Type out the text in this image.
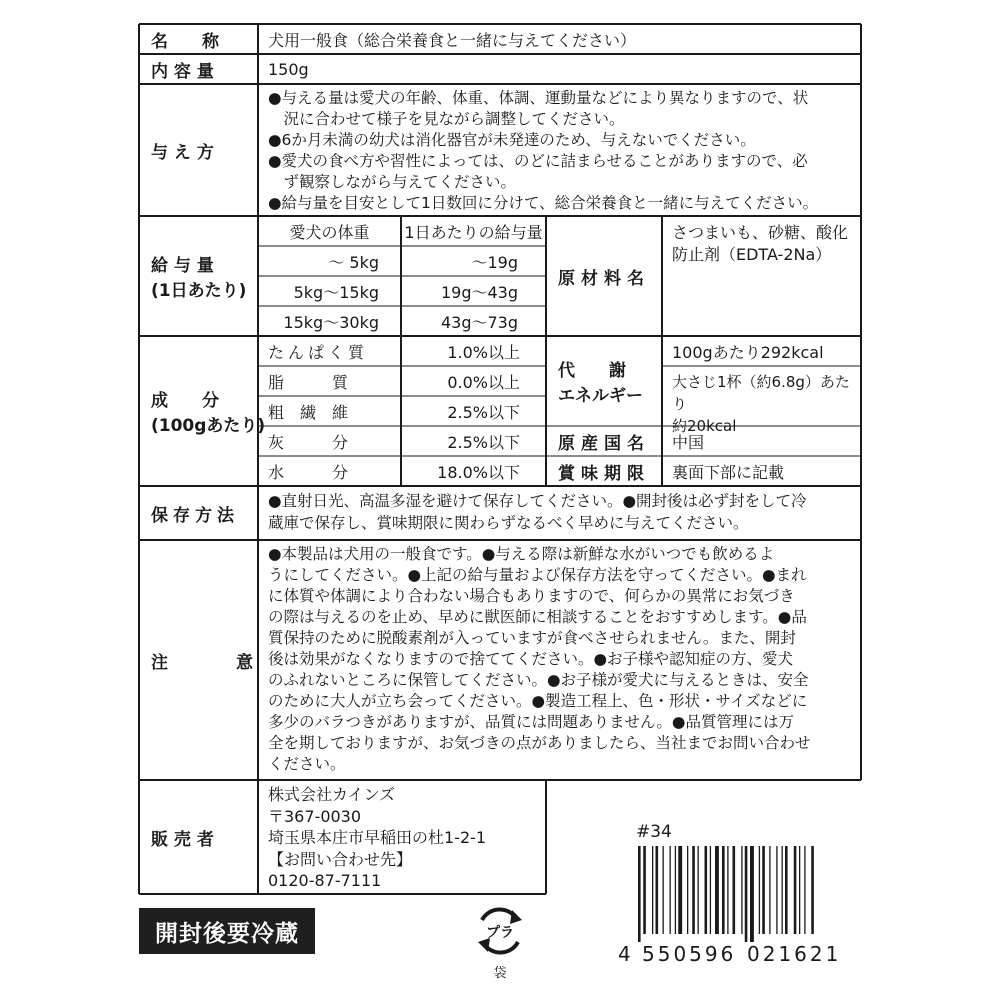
名　　称	犬用一般食（総合栄養食と一緒に与えてください）
内 容 量	150g
与 え 方
●与える量は愛犬の年齢、体重、体調、運動量などにより異なりますので、状
　況に合わせて様子を見ながら調整してください。
●6か月未満の幼犬は消化器官が未発達のため、与えないでください。
●愛犬の食べ方や習性によっては、のどに詰まらせることがありますので、必
　ず観察しながら与えてください。
●給与量を目安として1日数回に分けて、総合栄養食と一緒に与えてください。
給 与 量
(1日あたり)
愛犬の体重 1日あたりの給与量
〜 5kg	〜19g
5kg〜15kg	19g〜43g
15kg〜30kg	43g〜73g
原材料名
さつまいも、砂糖、酸化
防止剤（EDTA-2Na）
成　　分
(100gあたり)
たんぱく質	1.0%以上
脂　　　質	0.0%以上
粗　繊　維	2.5%以下
灰　　　分	2.5%以下
水　　　分	18.0%以下
代　　謝
エネルギー
100gあたり292kcal
大さじ1杯（約6.8g）あたり
約20kcal
原産国名 中国
賞味期限 裏面下部に記載
保存方法
●直射日光、高温多湿を避けて保存してください。●開封後は必ず封をして冷
蔵庫で保存し、賞味期限に関わらずなるべく早めに与えてください。
注　　　　意
●本製品は犬用の一般食です。●与える際は新鮮な水がいつでも飲めるよ
うにしてください。●上記の給与量および保存方法を守ってください。●まれ
に体質や体調により合わない場合もありますので、何らかの異常にお気づき
の際は与えるのを止め、早めに獣医師に相談することをおすすめします。●品
質保持のために脱酸素剤が入っていますが食べさせられません。また、開封
後は効果がなくなりますので捨ててください。●お子様や認知症の方、愛犬
のふれないところに保管してください。●お子様が愛犬に与えるときは、安全
のために大人が立ち会ってください。●製造工程上、色・形状・サイズなどに
多少のバラつきがありますが、品質には問題ありません。●品質管理には万
全を期しておりますが、お気づきの点がありましたら、当社までお問い合わせ
ください。
販 売 者
株式会社カインズ
〒367-0030
埼玉県本庄市早稲田の杜1-2-1
【お問い合わせ先】
0120-87-7111
開封後要冷蔵	プラ
袋
#34
4 550596 021621
